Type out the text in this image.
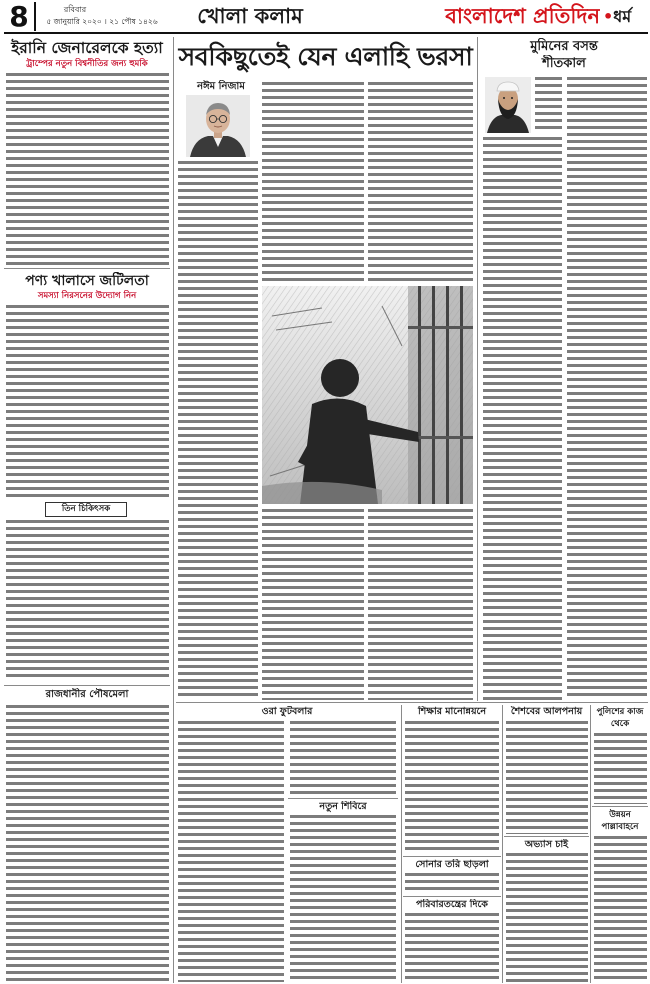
8	রবিবার
৫ জানুয়ারি ২০২০ । ২১ পৌষ ১৪২৬	খোলা কলাম	বাংলাদেশ প্রতিদিন
• ধর্ম
ইরানি জেনারেলকে হত্যা
ট্রাম্পের নতুন বিশ্বনীতির জন্য হুমকি
পণ্য খালাসে জটিলতা
সমস্যা নিরসনের উদ্যোগ নিন
তিন চিকিৎসক
রাজধানীর পৌষমেলা
সবকিছুতেই যেন এলাহি ভরসা
নঈম নিজাম
মুমিনের বসন্ত
শীতকাল
ওরা ফুটবলার
নতুন শিবিরে
শিক্ষার মানোন্নয়নে
সোনার তরি ছাড়লা
পরিবারতন্ত্রের দিকে
শৈশবের আলপনায়
অভ্যাস চাই
পুলিশের কাজ থেকে
উন্নয়ন পাল্লাবাহনে
